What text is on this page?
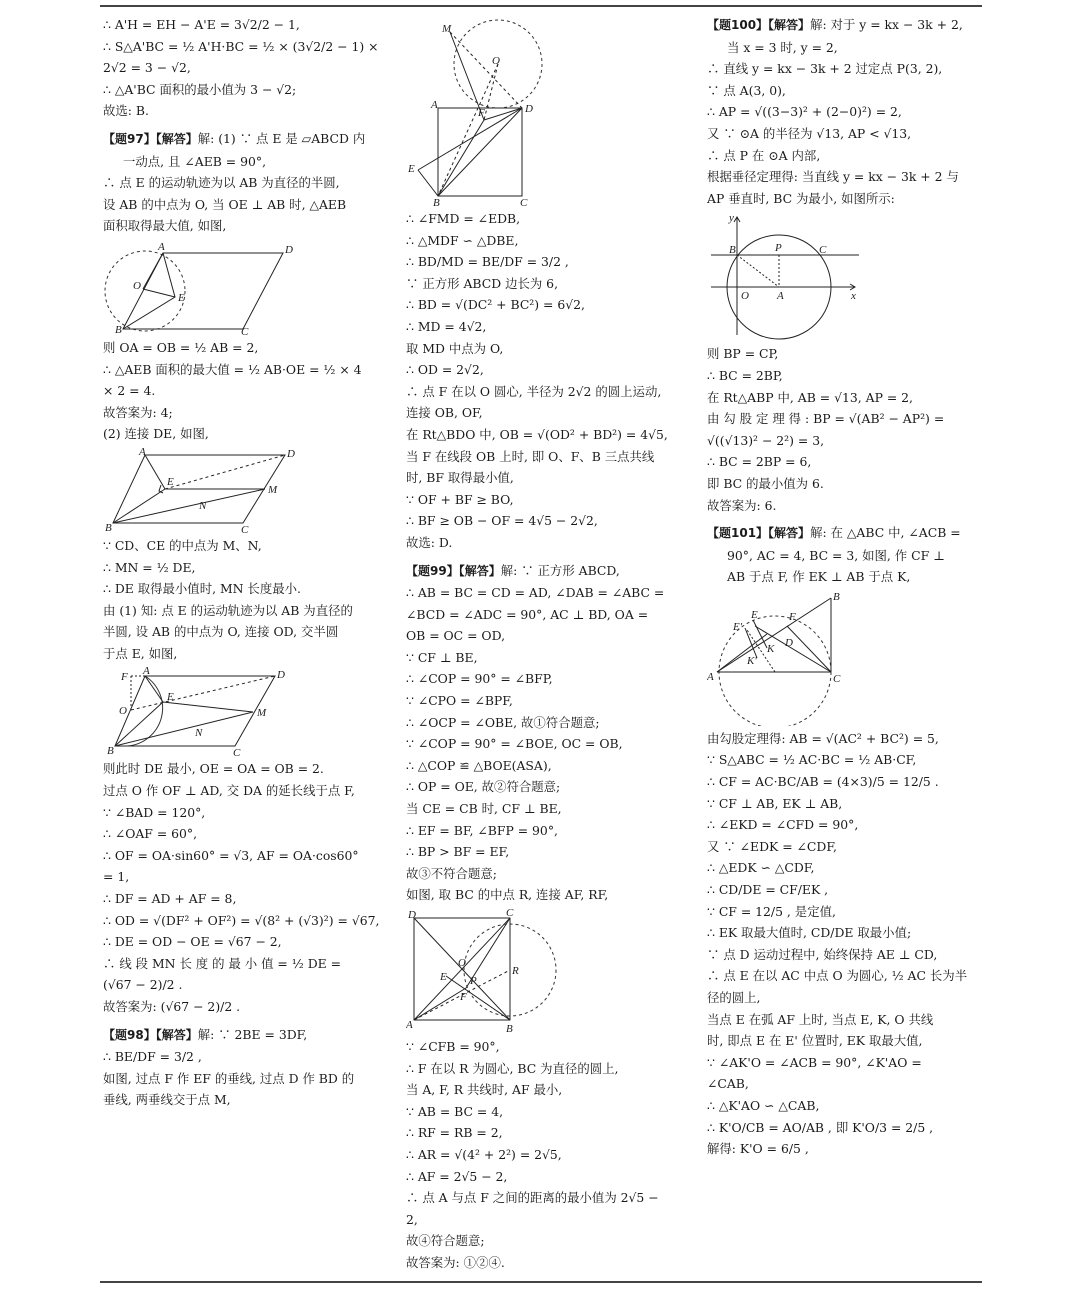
∴ A'H = EH − A'E = 3√2/2 − 1,
∴ S△A'BC = ½ A'H·BC = ½ × (3√2/2 − 1) ×
2√2 = 3 − √2,
∴ △A'BC 面积的最小值为 3 − √2;
故选: B.
【题97】【解答】解: (1) ∵ 点 E 是 ▱ABCD 内
一动点, 且 ∠AEB = 90°,
∴ 点 E 的运动轨迹为以 AB 为直径的半圆,
设 AB 的中点为 O, 当 OE ⊥ AB 时, △AEB
面积取得最大值, 如图,
A	D
O
E
B	C
则 OA = OB = ½ AB = 2,
∴ △AEB 面积的最大值 = ½ AB·OE = ½ × 4
× 2 = 4.
故答案为: 4;
(2) 连接 DE, 如图,
A	D
E
M
N
B	C
∵ CD、CE 的中点为 M、N,
∴ MN = ½ DE,
∴ DE 取得最小值时, MN 长度最小.
由 (1) 知: 点 E 的运动轨迹为以 AB 为直径的
半圆, 设 AB 的中点为 O, 连接 OD, 交半圆
于点 E, 如图,
A	D
F
E
O	M
N
B	C
则此时 DE 最小, OE = OA = OB = 2.
过点 O 作 OF ⊥ AD, 交 DA 的延长线于点 F,
∵ ∠BAD = 120°,
∴ ∠OAF = 60°,
∴ OF = OA·sin60° = √3, AF = OA·cos60°
= 1,
∴ DF = AD + AF = 8,
∴ OD = √(DF² + OF²) = √(8² + (√3)²) = √67,
∴ DE = OD − OE = √67 − 2,
∴ 线 段 MN 长 度 的 最 小 值 = ½ DE =
(√67 − 2)/2 .
故答案为: (√67 − 2)/2 .
【题98】【解答】解: ∵ 2BE = 3DF,
∴ BE/DF = 3/2 ,
如图, 过点 F 作 EF 的垂线, 过点 D 作 BD 的
垂线, 两垂线交于点 M,
M
O
A
F	D
E
B	C
∴ ∠FMD = ∠EDB,
∴ △MDF ∽ △DBE,
∴ BD/MD = BE/DF = 3/2 ,
∵ 正方形 ABCD 边长为 6,
∴ BD = √(DC² + BC²) = 6√2,
∴ MD = 4√2,
取 MD 中点为 O,
∴ OD = 2√2,
∴ 点 F 在以 O 圆心, 半径为 2√2 的圆上运动,
连接 OB, OF,
在 Rt△BDO 中, OB = √(OD² + BD²) = 4√5,
当 F 在线段 OB 上时, 即 O、F、B 三点共线
时, BF 取得最小值,
∵ OF + BF ≥ BO,
∴ BF ≥ OB − OF = 4√5 − 2√2,
故选: D.
【题99】【解答】解: ∵ 正方形 ABCD,
∴ AB = BC = CD = AD, ∠DAB = ∠ABC =
∠BCD = ∠ADC = 90°, AC ⊥ BD, OA =
OB = OC = OD,
∵ CF ⊥ BE,
∴ ∠COP = 90° = ∠BFP,
∵ ∠CPO = ∠BPF,
∴ ∠OCP = ∠OBE, 故①符合题意;
∵ ∠COP = 90° = ∠BOE, OC = OB,
∴ △COP ≌ △BOE(ASA),
∴ OP = OE, 故②符合题意;
当 CE = CB 时, CF ⊥ BE,
∴ EF = BF, ∠BFP = 90°,
∴ BP > BF = EF,
故③不符合题意;
如图, 取 BC 的中点 R, 连接 AF, RF,
D	C
O
E P
R
F
A	B
∵ ∠CFB = 90°,
∴ F 在以 R 为圆心, BC 为直径的圆上,
当 A, F, R 共线时, AF 最小,
∵ AB = BC = 4,
∴ RF = RB = 2,
∴ AR = √(4² + 2²) = 2√5,
∴ AF = 2√5 − 2,
∴ 点 A 与点 F 之间的距离的最小值为 2√5 −
2,
故④符合题意;
故答案为: ①②④.
【题100】【解答】解: 对于 y = kx − 3k + 2,
当 x = 3 时, y = 2,
∴ 直线 y = kx − 3k + 2 过定点 P(3, 2),
∵ 点 A(3, 0),
∴ AP = √((3−3)² + (2−0)²) = 2,
又 ∵ ⊙A 的半径为 √13, AP < √13,
∴ 点 P 在 ⊙A 内部,
根据垂径定理得: 当直线 y = kx − 3k + 2 与
AP 垂直时, BC 为最小, 如图所示:
y
B	P	C
O	A	x
则 BP = CP,
∴ BC = 2BP,
在 Rt△ABP 中, AB = √13, AP = 2,
由 勾 股 定 理 得 : BP = √(AB² − AP²) =
√((√13)² − 2²) = 3,
∴ BC = 2BP = 6,
即 BC 的最小值为 6.
故答案为: 6.
【题101】【解答】解: 在 △ABC 中, ∠ACB =
90°, AC = 4, BC = 3, 如图, 作 CF ⊥
AB 于点 F, 作 EK ⊥ AB 于点 K,
B
E'
E	F
D
K'
K
A	C
由勾股定理得: AB = √(AC² + BC²) = 5,
∵ S△ABC = ½ AC·BC = ½ AB·CF,
∴ CF = AC·BC/AB = (4×3)/5 = 12/5 .
∵ CF ⊥ AB, EK ⊥ AB,
∴ ∠EKD = ∠CFD = 90°,
又 ∵ ∠EDK = ∠CDF,
∴ △EDK ∽ △CDF,
∴ CD/DE = CF/EK ,
∵ CF = 12/5 , 是定值,
∴ EK 取最大值时, CD/DE 取最小值;
∵ 点 D 运动过程中, 始终保持 AE ⊥ CD,
∴ 点 E 在以 AC 中点 O 为圆心, ½ AC 长为半
径的圆上,
当点 E 在弧 AF 上时, 当点 E, K, O 共线
时, 即点 E 在 E' 位置时, EK 取最大值,
∵ ∠AK'O = ∠ACB = 90°, ∠K'AO =
∠CAB,
∴ △K'AO ∽ △CAB,
∴ K'O/CB = AO/AB , 即 K'O/3 = 2/5 ,
解得: K'O = 6/5 ,
